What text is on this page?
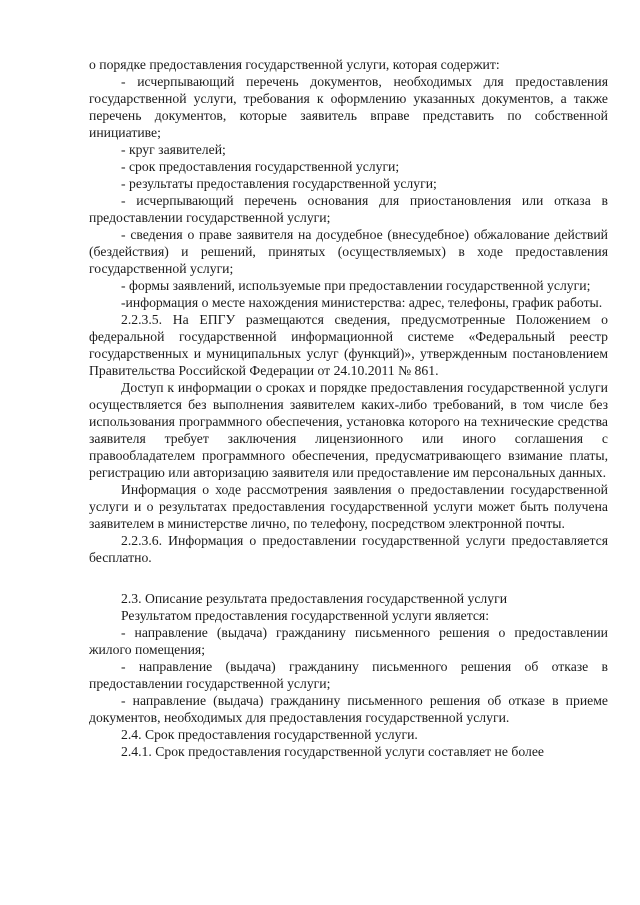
о порядке предоставления государственной услуги, которая содержит:

- исчерпывающий перечень документов, необходимых для предоставления государственной услуги, требования к оформлению указанных документов, а также перечень документов, которые заявитель вправе представить по собственной инициативе;

- круг заявителей;

- срок предоставления государственной услуги;

- результаты предоставления государственной услуги;

- исчерпывающий перечень основания для приостановления или отказа в предоставлении государственной услуги;

- сведения о праве заявителя на досудебное (внесудебное) обжалование действий (бездействия) и решений, принятых (осуществляемых) в ходе предоставления государственной услуги;

- формы заявлений, используемые при предоставлении государственной услуги;

-информация о месте нахождения министерства: адрес, телефоны, график работы.

2.2.3.5. На ЕПГУ размещаются сведения, предусмотренные Положением о федеральной государственной информационной системе «Федеральный реестр государственных и муниципальных услуг (функций)», утвержденным постановлением Правительства Российской Федерации от 24.10.2011 № 861.

Доступ к информации о сроках и порядке предоставления государственной услуги осуществляется без выполнения заявителем каких-либо требований, в том числе без использования программного обеспечения, установка которого на технические средства заявителя требует заключения лицензионного или иного соглашения с правообладателем программного обеспечения, предусматривающего взимание платы, регистрацию или авторизацию заявителя или предоставление им персональных данных.

Информация о ходе рассмотрения заявления о предоставлении государственной услуги и о результатах предоставления государственной услуги может быть получена заявителем в министерстве лично, по телефону, посредством электронной почты.

2.2.3.6. Информация о предоставлении государственной услуги предоставляется бесплатно.

2.3. Описание результата предоставления государственной услуги

Результатом предоставления государственной услуги является:

- направление (выдача) гражданину письменного решения о предоставлении жилого помещения;

- направление (выдача) гражданину письменного решения об отказе в предоставлении государственной услуги;

- направление (выдача) гражданину письменного решения об отказе в приеме документов, необходимых для предоставления государственной услуги.

2.4. Срок предоставления государственной услуги.

2.4.1. Срок предоставления государственной услуги составляет не более
